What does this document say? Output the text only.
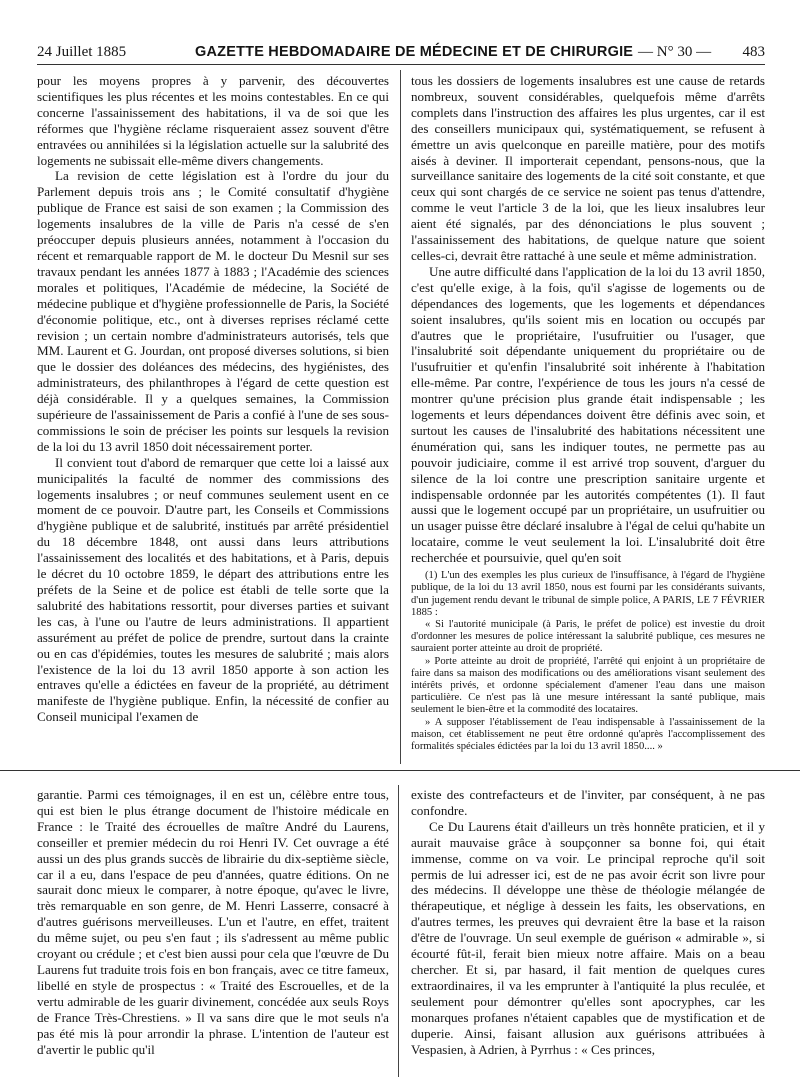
24 Juillet 1885	GAZETTE HEBDOMADAIRE DE MÉDECINE ET DE CHIRURGIE — N° 30 — 483

pour les moyens propres à y parvenir, des découvertes scientifiques les plus récentes et les moins contestables. En ce qui concerne l'assainissement des habitations, il va de soi que les réformes que l'hygiène réclame risqueraient assez souvent d'être entravées ou annihilées si la législation actuelle sur la salubrité des logements ne subissait elle-même divers changements.

La revision de cette législation est à l'ordre du jour du Parlement depuis trois ans ; le Comité consultatif d'hygiène publique de France est saisi de son examen ; la Commission des logements insalubres de la ville de Paris n'a cessé de s'en préoccuper depuis plusieurs années, notamment à l'occasion du récent et remarquable rapport de M. le docteur Du Mesnil sur ses travaux pendant les années 1877 à 1883 ; l'Académie des sciences morales et politiques, l'Académie de médecine, la Société de médecine publique et d'hygiène professionnelle de Paris, la Société d'économie politique, etc., ont à diverses reprises réclamé cette revision ; un certain nombre d'administrateurs autorisés, tels que MM. Laurent et G. Jourdan, ont proposé diverses solutions, si bien que le dossier des doléances des médecins, des hygiénistes, des administrateurs, des philanthropes à l'égard de cette question est déjà considérable. Il y a quelques semaines, la Commission supérieure de l'assainissement de Paris a confié à l'une de ses sous-commissions le soin de préciser les points sur lesquels la revision de la loi du 13 avril 1850 doit nécessairement porter.

Il convient tout d'abord de remarquer que cette loi a laissé aux municipalités la faculté de nommer des commissions des logements insalubres ; or neuf communes seulement usent en ce moment de ce pouvoir. D'autre part, les Conseils et Commissions d'hygiène publique et de salubrité, institués par arrêté présidentiel du 18 décembre 1848, ont aussi dans leurs attributions l'assainissement des localités et des habitations, et à Paris, depuis le décret du 10 octobre 1859, le départ des attributions entre les préfets de la Seine et de police est établi de telle sorte que la salubrité des habitations ressortit, pour diverses parties et suivant les cas, à l'une ou l'autre de leurs administrations. Il appartient assurément au préfet de police de prendre, surtout dans la crainte ou en cas d'épidémies, toutes les mesures de salubrité ; mais alors l'existence de la loi du 13 avril 1850 apporte à son action les entraves qu'elle a édictées en faveur de la propriété, au détriment manifeste de l'hygiène publique. Enfin, la nécessité de confier au Conseil municipal l'examen de

tous les dossiers de logements insalubres est une cause de retards nombreux, souvent considérables, quelquefois même d'arrêts complets dans l'instruction des affaires les plus urgentes, car il est des conseillers municipaux qui, systématiquement, se refusent à émettre un avis quelconque en pareille matière, pour des motifs aisés à deviner. Il importerait cependant, pensons-nous, que la surveillance sanitaire des logements de la cité soit constante, et que ceux qui sont chargés de ce service ne soient pas tenus d'attendre, comme le veut l'article 3 de la loi, que les lieux insalubres leur aient été signalés, par des dénonciations le plus souvent ; l'assainissement des habitations, de quelque nature que soient celles-ci, devrait être rattaché à une seule et même administration.

Une autre difficulté dans l'application de la loi du 13 avril 1850, c'est qu'elle exige, à la fois, qu'il s'agisse de logements ou de dépendances des logements, que les logements et dépendances soient insalubres, qu'ils soient mis en location ou occupés par d'autres que le propriétaire, l'usufruitier ou l'usager, que l'insalubrité soit dépendante uniquement du propriétaire ou de l'usufruitier et qu'enfin l'insalubrité soit inhérente à l'habitation elle-même. Par contre, l'expérience de tous les jours n'a cessé de montrer qu'une précision plus grande était indispensable ; les logements et leurs dépendances doivent être définis avec soin, et surtout les causes de l'insalubrité des habitations nécessitent une énumération qui, sans les indiquer toutes, ne permette pas au pouvoir judiciaire, comme il est arrivé trop souvent, d'arguer du silence de la loi contre une prescription sanitaire urgente et indispensable ordonnée par les autorités compétentes (1). Il faut aussi que le logement occupé par un propriétaire, un usufruitier ou un usager puisse être déclaré insalubre à l'égal de celui qu'habite un locataire, comme le veut seulement la loi. L'insalubrité doit être recherchée et poursuivie, quel qu'en soit

(1) L'un des exemples les plus curieux de l'insuffisance, à l'égard de l'hygiène publique, de la loi du 13 avril 1850, nous est fourni par les considérants suivants, d'un jugement rendu devant le tribunal de simple police, A PARIS, LE 7 FÉVRIER 1885 :

« Si l'autorité municipale (à Paris, le préfet de police) est investie du droit d'ordonner les mesures de police intéressant la salubrité publique, ces mesures ne sauraient porter atteinte au droit de propriété.

» Porte atteinte au droit de propriété, l'arrêté qui enjoint à un propriétaire de faire dans sa maison des modifications ou des améliorations visant seulement des intérêts privés, et ordonne spécialement d'amener l'eau dans une maison particulière. Ce n'est pas là une mesure intéressant la santé publique, mais seulement le bien-être et la commodité des locataires.

» A supposer l'établissement de l'eau indispensable à l'assainissement de la maison, cet établissement ne peut être ordonné qu'après l'accomplissement des formalités spéciales édictées par la loi du 13 avril 1850.... »

garantie. Parmi ces témoignages, il en est un, célèbre entre tous, qui est bien le plus étrange document de l'histoire médicale en France : le Traité des écrouelles de maître André du Laurens, conseiller et premier médecin du roi Henri IV. Cet ouvrage a été aussi un des plus grands succès de librairie du dix-septième siècle, car il a eu, dans l'espace de peu d'années, quatre éditions. On ne saurait donc mieux le comparer, à notre époque, qu'avec le livre, très remarquable en son genre, de M. Henri Lasserre, consacré à d'autres guérisons merveilleuses. L'un et l'autre, en effet, traitent du même sujet, ou peu s'en faut ; ils s'adressent au même public croyant ou crédule ; et c'est bien aussi pour cela que l'œuvre de Du Laurens fut traduite trois fois en bon français, avec ce titre fameux, libellé en style de prospectus : « Traité des Escrouelles, et de la vertu admirable de les guarir divinement, concédée aux seuls Roys de France Très-Chrestiens. » Il va sans dire que le mot seuls n'a pas été mis là pour arrondir la phrase. L'intention de l'auteur est d'avertir le public qu'il

existe des contrefacteurs et de l'inviter, par conséquent, à ne pas confondre.

Ce Du Laurens était d'ailleurs un très honnête praticien, et il y aurait mauvaise grâce à soupçonner sa bonne foi, qui était immense, comme on va voir. Le principal reproche qu'il soit permis de lui adresser ici, est de ne pas avoir écrit son livre pour des médecins. Il développe une thèse de théologie mélangée de thérapeutique, et néglige à dessein les faits, les observations, en d'autres termes, les preuves qui devraient être la base et la raison d'être de l'ouvrage. Un seul exemple de guérison « admirable », si écourté fût-il, ferait bien mieux notre affaire. Mais on a beau chercher. Et si, par hasard, il fait mention de quelques cures extraordinaires, il va les emprunter à l'antiquité la plus reculée, et seulement pour démontrer qu'elles sont apocryphes, car les monarques profanes n'étaient capables que de mystification et de duperie. Ainsi, faisant allusion aux guérisons attribuées à Vespasien, à Adrien, à Pyrrhus : « Ces princes,
